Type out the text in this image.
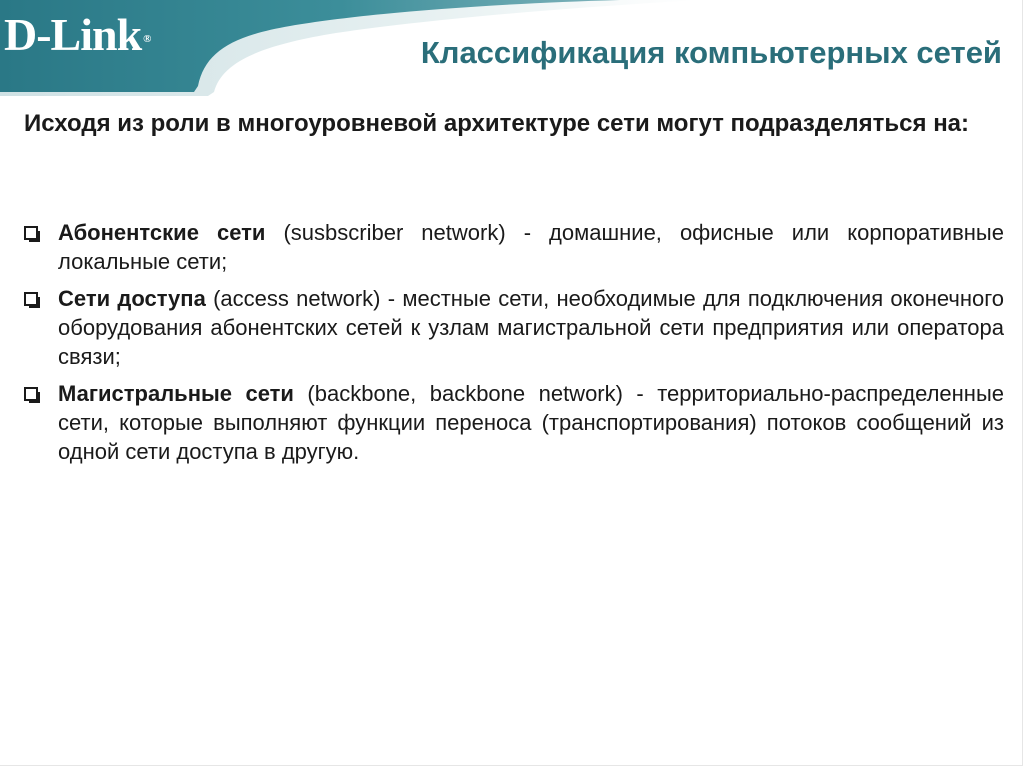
D-Link ®	Классификация компьютерных сетей

Исходя из роли в многоуровневой архитектуре сети могут подразделяться на:

Абонентские сети (susbscriber network) - домашние, офисные или корпоративные локальные сети;
Сети доступа (access network) - местные сети, необходимые для подключения оконечного оборудования абонентских сетей к узлам магистральной сети предприятия или оператора связи;
Магистральные сети (backbone, backbone network) - территориально-распределенные сети, которые выполняют функции переноса (транспортирования) потоков сообщений из одной сети доступа в другую.
